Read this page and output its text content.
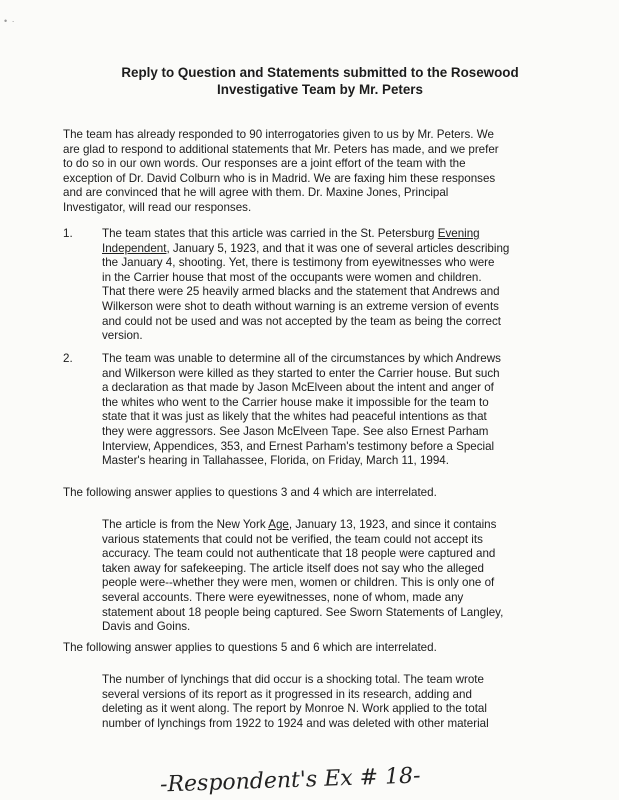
• ·
Reply to Question and Statements submitted to the Rosewood
Investigative Team by Mr. Peters
The team has already responded to 90 interrogatories given to us by Mr. Peters. We
are glad to respond to additional statements that Mr. Peters has made, and we prefer
to do so in our own words. Our responses are a joint effort of the team with the
exception of Dr. David Colburn who is in Madrid. We are faxing him these responses
and are convinced that he will agree with them. Dr. Maxine Jones, Principal
Investigator, will read our responses.
1.	The team states that this article was carried in the St. Petersburg Evening
Independent, January 5, 1923, and that it was one of several articles describing
the January 4, shooting. Yet, there is testimony from eyewitnesses who were
in the Carrier house that most of the occupants were women and children.
That there were 25 heavily armed blacks and the statement that Andrews and
Wilkerson were shot to death without warning is an extreme version of events
and could not be used and was not accepted by the team as being the correct
version.
2.	The team was unable to determine all of the circumstances by which Andrews
and Wilkerson were killed as they started to enter the Carrier house. But such
a declaration as that made by Jason McElveen about the intent and anger of
the whites who went to the Carrier house make it impossible for the team to
state that it was just as likely that the whites had peaceful intentions as that
they were aggressors. See Jason McElveen Tape. See also Ernest Parham
Interview, Appendices, 353, and Ernest Parham's testimony before a Special
Master's hearing in Tallahassee, Florida, on Friday, March 11, 1994.
The following answer applies to questions 3 and 4 which are interrelated.
The article is from the New York Age, January 13, 1923, and since it contains
various statements that could not be verified, the team could not accept its
accuracy. The team could not authenticate that 18 people were captured and
taken away for safekeeping. The article itself does not say who the alleged
people were--whether they were men, women or children. This is only one of
several accounts. There were eyewitnesses, none of whom, made any
statement about 18 people being captured. See Sworn Statements of Langley,
Davis and Goins.
The following answer applies to questions 5 and 6 which are interrelated.
The number of lynchings that did occur is a shocking total. The team wrote
several versions of its report as it progressed in its research, adding and
deleting as it went along. The report by Monroe N. Work applied to the total
number of lynchings from 1922 to 1924 and was deleted with other material
-Respondent's Ex # 18-
